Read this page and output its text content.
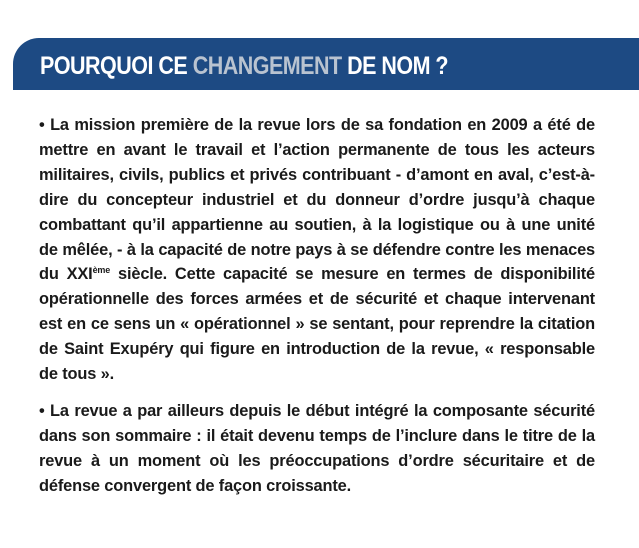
POURQUOI CE CHANGEMENT DE NOM ?

• La mission première de la revue lors de sa fondation en 2009 a été de mettre en avant le travail et l’action permanente de tous les acteurs militaires, civils, publics et privés contribuant - d’amont en aval, c’est-à-dire du concepteur industriel et du donneur d’ordre jusqu’à chaque combattant qu’il appartienne au soutien, à la logistique ou à une unité de mêlée, - à la capacité de notre pays à se défendre contre les menaces du XXIème siècle. Cette capacité se mesure en termes de disponibilité opérationnelle des forces armées et de sécurité et chaque intervenant est en ce sens un « opérationnel » se sentant, pour reprendre la citation de Saint Exupéry qui figure en introduction de la revue, « responsable de tous ».

• La revue a par ailleurs depuis le début intégré la composante sécurité dans son sommaire : il était devenu temps de l’inclure dans le titre de la revue à un moment où les préoccupations d’ordre sécuritaire et de défense convergent de façon croissante.
